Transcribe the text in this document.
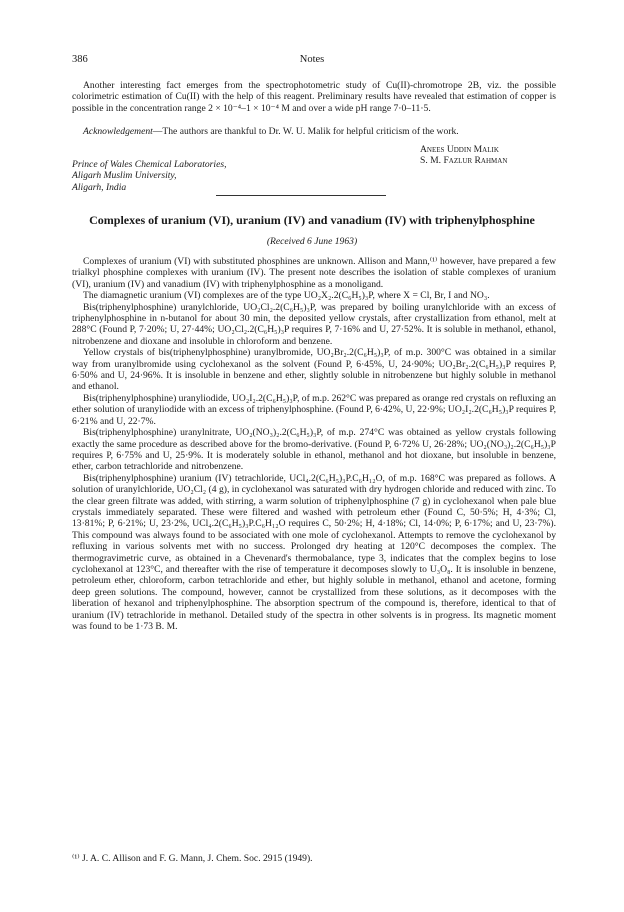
386	Notes

Another interesting fact emerges from the spectrophotometric study of Cu(II)-chromotrope 2B, viz. the possible colorimetric estimation of Cu(II) with the help of this reagent. Preliminary results have revealed that estimation of copper is possible in the concentration range 2 × 10⁻⁴–1 × 10⁻⁴ M and over a wide pH range 7·0–11·5.

Acknowledgement—The authors are thankful to Dr. W. U. Malik for helpful criticism of the work.

Anees Uddin Malik
S. M. Fazlur Rahman
Prince of Wales Chemical Laboratories,
Aligarh Muslim University,
Aligarh, India
Complexes of uranium (VI), uranium (IV) and vanadium (IV) with triphenylphosphine
(Received 6 June 1963)

Complexes of uranium (VI) with substituted phosphines are unknown. Allison and Mann,⁽¹⁾ however, have prepared a few trialkyl phosphine complexes with uranium (IV). The present note describes the isolation of stable complexes of uranium (VI), uranium (IV) and vanadium (IV) with triphenylphosphine as a monoligand.

The diamagnetic uranium (VI) complexes are of the type UO₂X₂.2(C₆H₅)₃P, where X = Cl, Br, I and NO₃.

Bis(triphenylphosphine) uranylchloride, UO₂Cl₂.2(C₆H₅)₃P, was prepared by boiling uranylchloride with an excess of triphenylphosphine in n-butanol for about 30 min, the deposited yellow crystals, after crystallization from ethanol, melt at 288°C (Found P, 7·20%; U, 27·44%; UO₂Cl₂.2(C₆H₅)₃P requires P, 7·16% and U, 27·52%. It is soluble in methanol, ethanol, nitrobenzene and dioxane and insoluble in chloroform and benzene.

Yellow crystals of bis(triphenylphosphine) uranylbromide, UO₂Br₂.2(C₆H₅)₃P, of m.p. 300°C was obtained in a similar way from uranylbromide using cyclohexanol as the solvent (Found P, 6·45%, U, 24·90%; UO₂Br₂.2(C₆H₅)₃P requires P, 6·50% and U, 24·96%. It is insoluble in benzene and ether, slightly soluble in nitrobenzene but highly soluble in methanol and ethanol.

Bis(triphenylphosphine) uranyliodide, UO₂I₂.2(C₆H₅)₃P, of m.p. 262°C was prepared as orange red crystals on refluxing an ether solution of uranyliodide with an excess of triphenylphosphine. (Found P, 6·42%, U, 22·9%; UO₂I₂.2(C₆H₅)₃P requires P, 6·21% and U, 22·7%.

Bis(triphenylphosphine) uranylnitrate, UO₂(NO₃)₂.2(C₆H₅)₃P, of m.p. 274°C was obtained as yellow crystals following exactly the same procedure as described above for the bromo-derivative. (Found P, 6·72% U, 26·28%; UO₂(NO₃)₂.2(C₆H₅)₃P requires P, 6·75% and U, 25·9%. It is moderately soluble in ethanol, methanol and hot dioxane, but insoluble in benzene, ether, carbon tetrachloride and nitrobenzene.

Bis(triphenylphosphine) uranium (IV) tetrachloride, UCl₄.2(C₆H₅)₃P.C₆H₁₂O, of m.p. 168°C was prepared as follows. A solution of uranylchloride, UO₂Cl₂ (4 g), in cyclohexanol was saturated with dry hydrogen chloride and reduced with zinc. To the clear green filtrate was added, with stirring, a warm solution of triphenylphosphine (7 g) in cyclohexanol when pale blue crystals immediately separated. These were filtered and washed with petroleum ether (Found C, 50·5%; H, 4·3%; Cl, 13·81%; P, 6·21%; U, 23·2%, UCl₄.2(C₆H₅)₃P.C₆H₁₂O requires C, 50·2%; H, 4·18%; Cl, 14·0%; P, 6·17%; and U, 23·7%). This compound was always found to be associated with one mole of cyclohexanol. Attempts to remove the cyclohexanol by refluxing in various solvents met with no success. Prolonged dry heating at 120°C decomposes the complex. The thermogravimetric curve, as obtained in a Chevenard's thermobalance, type 3, indicates that the complex begins to lose cyclohexanol at 123°C, and thereafter with the rise of temperature it decomposes slowly to U₃O₈. It is insoluble in benzene, petroleum ether, chloroform, carbon tetrachloride and ether, but highly soluble in methanol, ethanol and acetone, forming deep green solutions. The compound, however, cannot be crystallized from these solutions, as it decomposes with the liberation of hexanol and triphenylphosphine. The absorption spectrum of the compound is, therefore, identical to that of uranium (IV) tetrachloride in methanol. Detailed study of the spectra in other solvents is in progress. Its magnetic moment was found to be 1·73 B. M.

⁽¹⁾ J. A. C. Allison and F. G. Mann, J. Chem. Soc. 2915 (1949).
